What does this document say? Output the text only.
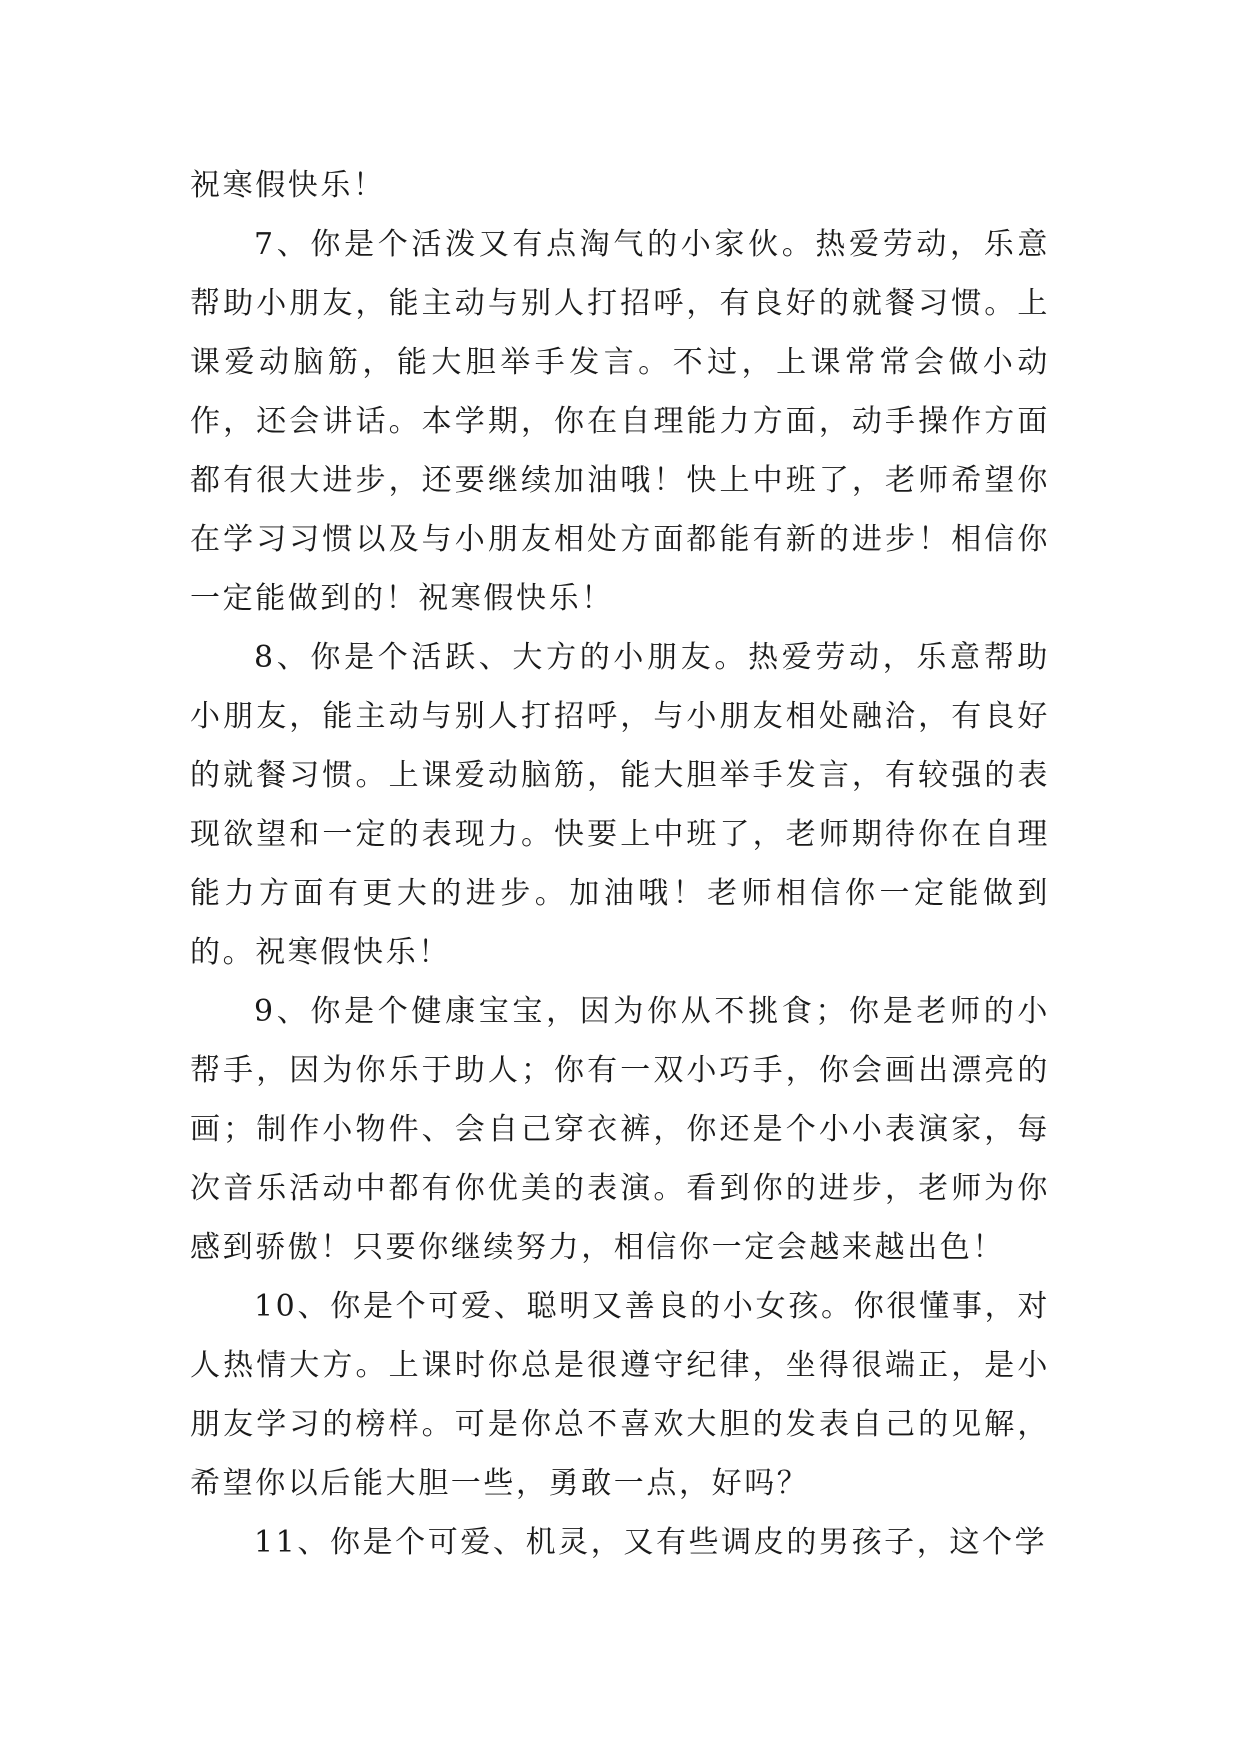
祝寒假快乐！

7、你是个活泼又有点淘气的小家伙。热爱劳动，乐意帮助小朋友，能主动与别人打招呼，有良好的就餐习惯。上课爱动脑筋，能大胆举手发言。不过，上课常常会做小动作，还会讲话。本学期，你在自理能力方面，动手操作方面都有很大进步，还要继续加油哦！快上中班了，老师希望你在学习习惯以及与小朋友相处方面都能有新的进步！相信你一定能做到的！祝寒假快乐！

8、你是个活跃、大方的小朋友。热爱劳动，乐意帮助小朋友，能主动与别人打招呼，与小朋友相处融洽，有良好的就餐习惯。上课爱动脑筋，能大胆举手发言，有较强的表现欲望和一定的表现力。快要上中班了，老师期待你在自理能力方面有更大的进步。加油哦！老师相信你一定能做到的。祝寒假快乐！

9、你是个健康宝宝，因为你从不挑食；你是老师的小帮手，因为你乐于助人；你有一双小巧手，你会画出漂亮的画；制作小物件、会自己穿衣裤，你还是个小小表演家，每次音乐活动中都有你优美的表演。看到你的进步，老师为你感到骄傲！只要你继续努力，相信你一定会越来越出色！

10、你是个可爱、聪明又善良的小女孩。你很懂事，对人热情大方。上课时你总是很遵守纪律，坐得很端正，是小朋友学习的榜样。可是你总不喜欢大胆的发表自己的见解，希望你以后能大胆一些，勇敢一点，好吗？

11、你是个可爱、机灵，又有些调皮的男孩子，这个学
